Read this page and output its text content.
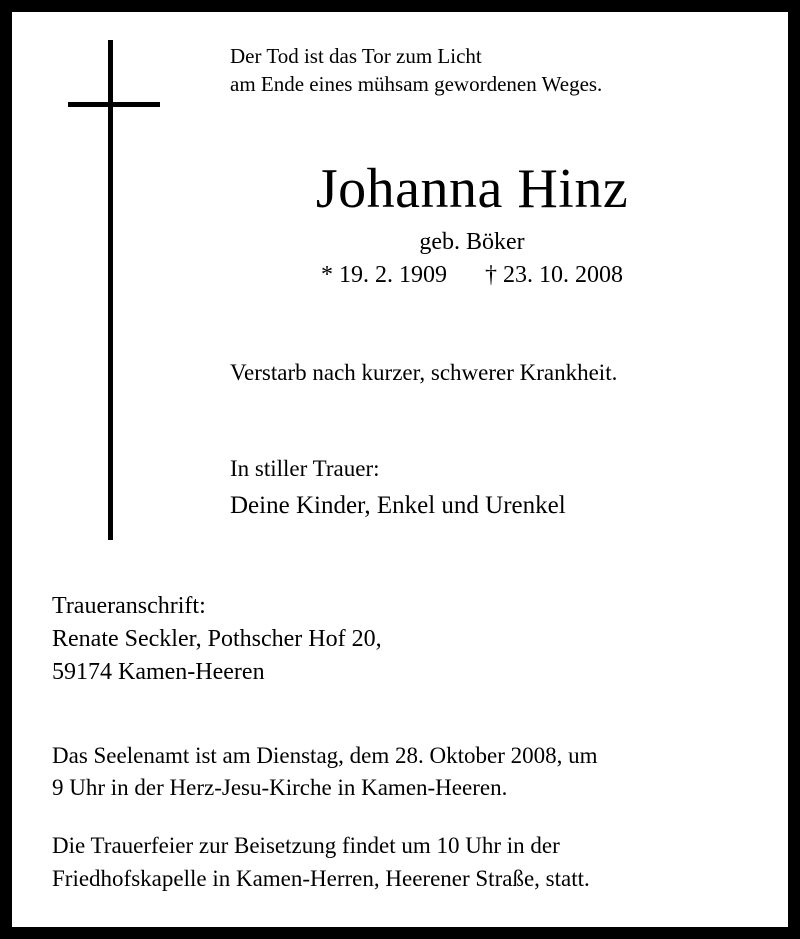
Der Tod ist das Tor zum Licht
am Ende eines mühsam gewordenen Weges.
Johanna Hinz
geb. Böker
* 19. 2. 1909 † 23. 10. 2008
Verstarb nach kurzer, schwerer Krankheit.
In stiller Trauer:
Deine Kinder, Enkel und Urenkel
Traueranschrift:
Renate Seckler, Pothscher Hof 20,
59174 Kamen-Heeren
Das Seelenamt ist am Dienstag, dem 28. Oktober 2008, um
9 Uhr in der Herz-Jesu-Kirche in Kamen-Heeren.
Die Trauerfeier zur Beisetzung findet um 10 Uhr in der
Friedhofskapelle in Kamen-Herren, Heerener Straße, statt.
